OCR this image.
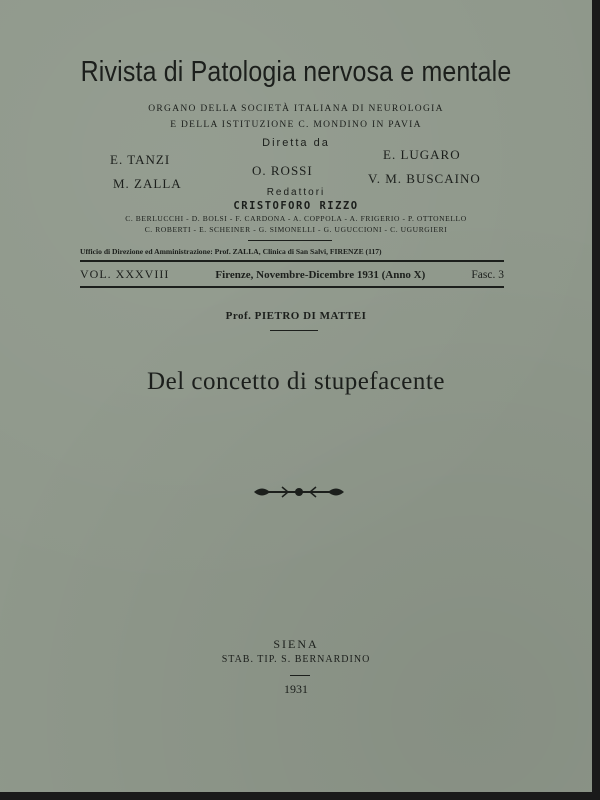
Rivista di Patologia nervosa e mentale
ORGANO DELLA SOCIETÀ ITALIANA DI NEUROLOGIA
E DELLA ISTITUZIONE C. MONDINO IN PAVIA
Diretta da
E. TANZI
M. ZALLA
O. ROSSI
E. LUGARO
V. M. BUSCAINO
Redattori
CRISTOFORO RIZZO
C. BERLUCCHI - D. BOLSI - F. CARDONA - A. COPPOLA - A. FRIGERIO - P. OTTONELLO
C. ROBERTI - E. SCHEINER - G. SIMONELLI - G. UGUCCIONI - C. UGURGIERI
Ufficio di Direzione ed Amministrazione: Prof. ZALLA, Clinica di San Salvi, FIRENZE (117)
VOL. XXXVIII	Firenze, Novembre-Dicembre 1931 (Anno X)	Fasc. 3
Prof. PIETRO DI MATTEI
Del concetto di stupefacente
SIENA
STAB. TIP. S. BERNARDINO
1931
